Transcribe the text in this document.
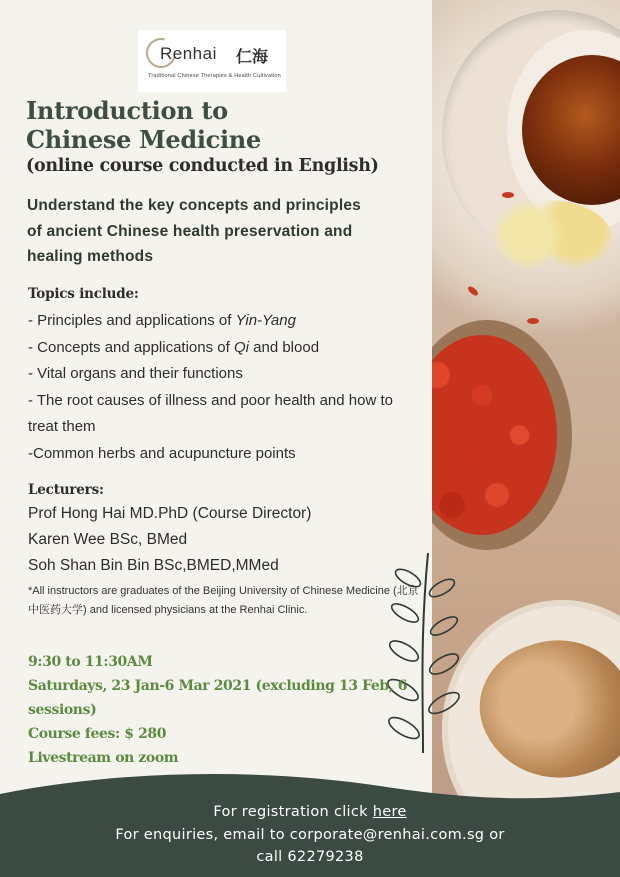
Renhai 仁海
Traditional Chinese Therapies & Health Cultivation
Introduction to
Chinese Medicine
(online course conducted in English)
Understand the key concepts and principles of ancient Chinese health preservation and healing methods
Topics include:
- Principles and applications of Yin-Yang
- Concepts and applications of Qi and blood
- Vital organs and their functions
- The root causes of illness and poor health and how to treat them
-Common herbs and acupuncture points
Lecturers:
Prof Hong Hai MD.PhD (Course Director)
Karen Wee BSc, BMed
Soh Shan Bin Bin BSc,BMED,MMed
*All instructors are graduates of the Beijing University of Chinese Medicine (北京中医药大学) and licensed physicians at the Renhai Clinic.
9:30 to 11:30AM
Saturdays, 23 Jan-6 Mar 2021 (excluding 13 Feb, 6 sessions)
Course fees: $ 280
Livestream on zoom
For registration click here
For enquiries, email to corporate@renhai.com.sg or
call 62279238
